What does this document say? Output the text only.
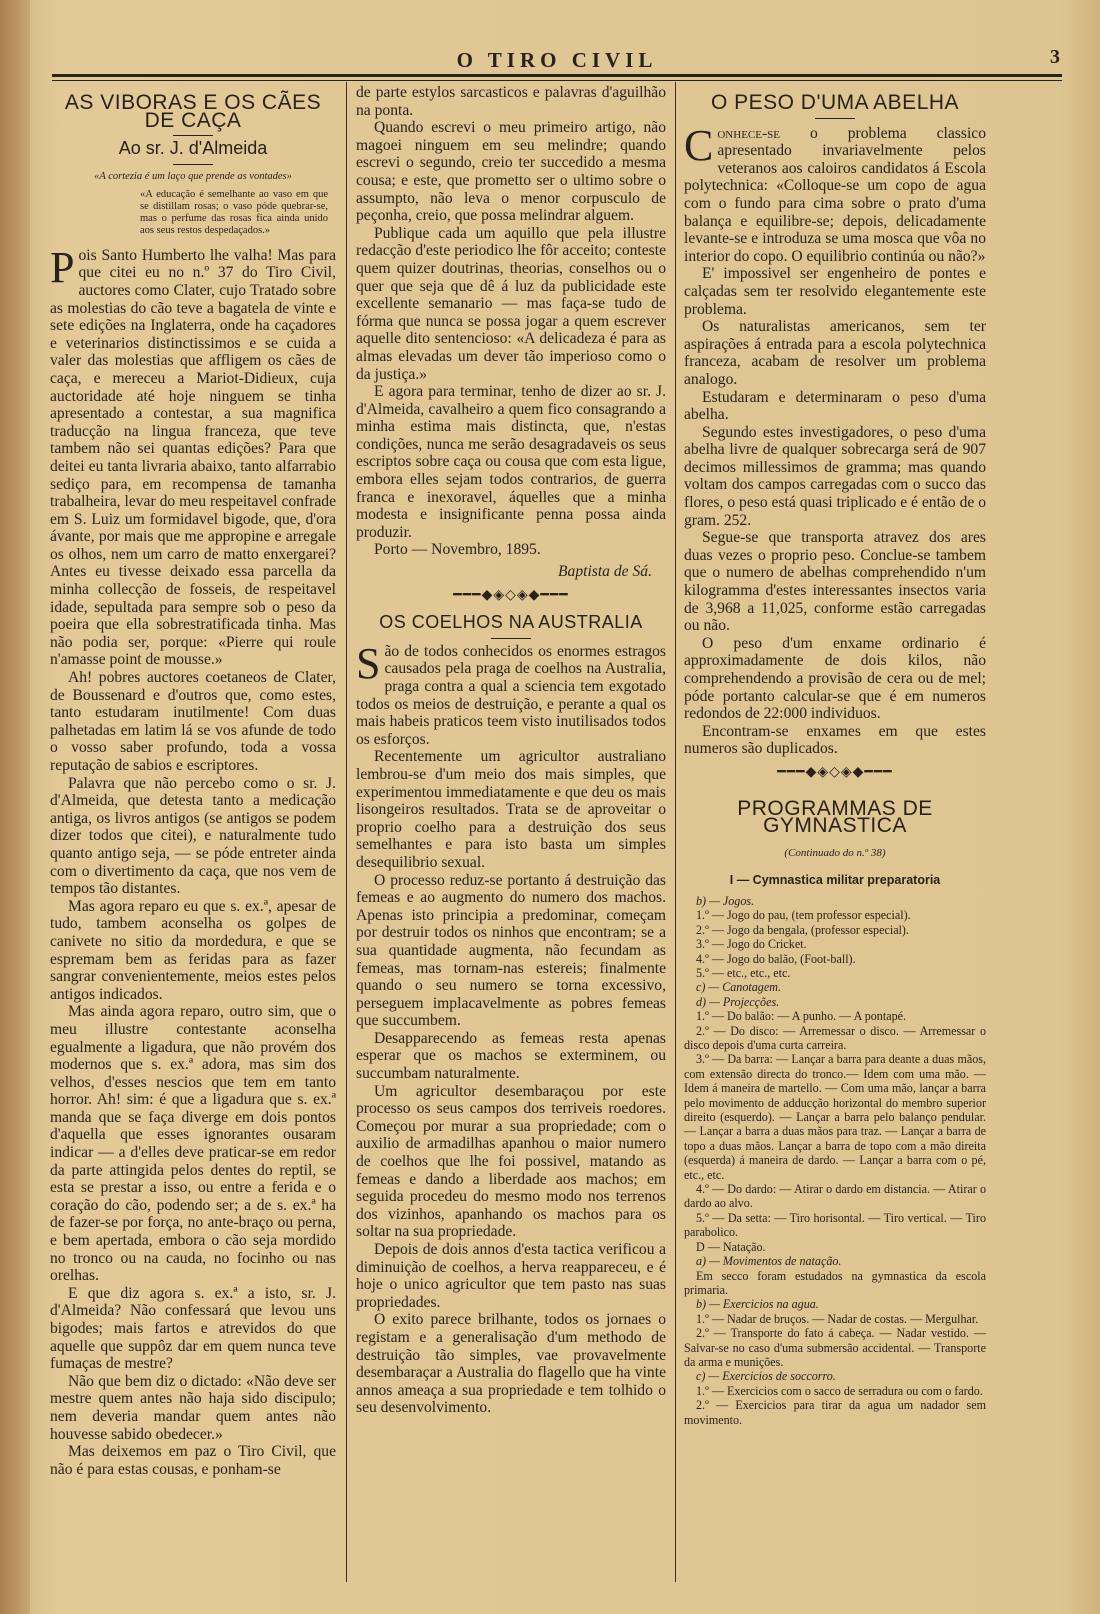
O TIRO CIVIL	3
AS VIBORAS E OS CÃES DE CAÇA
Ao sr. J. d'Almeida
«A cortezia é um laço que prende as vontades»
«A educação é semelhante ao vaso em que se distillam rosas; o vaso póde quebrar-se, mas o perfume das rosas fica ainda unido aos seus restos despedaçados.»

Pois Santo Humberto lhe valha! Mas para que citei eu no n.º 37 do Tiro Civil, auctores como Clater, cujo Tratado sobre as molestias do cão teve a bagatela de vinte e sete edições na Inglaterra, onde ha caçadores e veterinarios distinctissimos e se cuida a valer das molestias que affligem os cães de caça, e mereceu a Mariot-Didieux, cuja auctoridade até hoje ninguem se tinha apresentado a contestar, a sua magnifica traducção na lingua franceza, que teve tambem não sei quantas edições? Para que deitei eu tanta livraria abaixo, tanto alfarrabio sediço para, em recompensa de tamanha trabalheira, levar do meu respeitavel confrade em S. Luiz um formidavel bigode, que, d'ora ávante, por mais que me appropine e arregale os olhos, nem um carro de matto enxergarei? Antes eu tivesse deixado essa parcella da minha collecção de fosseis, de respeitavel idade, sepultada para sempre sob o peso da poeira que ella sobrestratificada tinha. Mas não podia ser, porque: «Pierre qui roule n'amasse point de mousse.»

Ah! pobres auctores coetaneos de Clater, de Boussenard e d'outros que, como estes, tanto estudaram inutilmente! Com duas palhetadas em latim lá se vos afunde de todo o vosso saber profundo, toda a vossa reputação de sabios e escriptores.

Palavra que não percebo como o sr. J. d'Almeida, que detesta tanto a medicação antiga, os livros antigos (se antigos se podem dizer todos que citei), e naturalmente tudo quanto antigo seja, — se póde entreter ainda com o divertimento da caça, que nos vem de tempos tão distantes.

Mas agora reparo eu que s. ex.ª, apesar de tudo, tambem aconselha os golpes de canivete no sitio da mordedura, e que se espremam bem as feridas para as fazer sangrar convenientemente, meios estes pelos antigos indicados.

Mas ainda agora reparo, outro sim, que o meu illustre contestante aconselha egualmente a ligadura, que não provém dos modernos que s. ex.ª adora, mas sim dos velhos, d'esses nescios que tem em tanto horror. Ah! sim: é que a ligadura que s. ex.ª manda que se faça diverge em dois pontos d'aquella que esses ignorantes ousaram indicar — a d'elles deve praticar-se em redor da parte attingida pelos dentes do reptil, se esta se prestar a isso, ou entre a ferida e o coração do cão, podendo ser; a de s. ex.ª ha de fazer-se por força, no ante-braço ou perna, e bem apertada, embora o cão seja mordido no tronco ou na cauda, no focinho ou nas orelhas.

E que diz agora s. ex.ª a isto, sr. J. d'Almeida? Não confessará que levou uns bigodes; mais fartos e atrevidos do que aquelle que suppôz dar em quem nunca teve fumaças de mestre?

Não que bem diz o dictado: «Não deve ser mestre quem antes não haja sido discipulo; nem deveria mandar quem antes não houvesse sabido obedecer.»

Mas deixemos em paz o Tiro Civil, que não é para estas cousas, e ponham-se

de parte estylos sarcasticos e palavras d'aguilhão na ponta.

Quando escrevi o meu primeiro artigo, não magoei ninguem em seu melindre; quando escrevi o segundo, creio ter succedido a mesma cousa; e este, que prometto ser o ultimo sobre o assumpto, não leva o menor corpusculo de peçonha, creio, que possa melindrar alguem.

Publique cada um aquillo que pela illustre redacção d'este periodico lhe fôr acceito; conteste quem quizer doutrinas, theorias, conselhos ou o quer que seja que dê á luz da publicidade este excellente semanario — mas faça-se tudo de fórma que nunca se possa jogar a quem escrever aquelle dito sentencioso: «A delicadeza é para as almas elevadas um dever tão imperioso como o da justiça.»

E agora para terminar, tenho de dizer ao sr. J. d'Almeida, cavalheiro a quem fico consagrando a minha estima mais distincta, que, n'estas condições, nunca me serão desagradaveis os seus escriptos sobre caça ou cousa que com esta ligue, embora elles sejam todos contrarios, de guerra franca e inexoravel, áquelles que a minha modesta e insignificante penna possa ainda produzir.

Porto — Novembro, 1895.

Baptista de Sá.
━━━◆◈◇◈◆━━━
OS COELHOS NA AUSTRALIA

São de todos conhecidos os enormes estragos causados pela praga de coelhos na Australia, praga contra a qual a sciencia tem exgotado todos os meios de destruição, e perante a qual os mais habeis praticos teem visto inutilisados todos os esforços.

Recentemente um agricultor australiano lembrou-se d'um meio dos mais simples, que experimentou immediatamente e que deu os mais lisongeiros resultados. Trata se de aproveitar o proprio coelho para a destruição dos seus semelhantes e para isto basta um simples desequilibrio sexual.

O processo reduz-se portanto á destruição das femeas e ao augmento do numero dos machos. Apenas isto principia a predominar, começam por destruir todos os ninhos que encontram; se a sua quantidade augmenta, não fecundam as femeas, mas tornam-nas estereis; finalmente quando o seu numero se torna excessivo, perseguem implacavelmente as pobres femeas que succumbem.

Desapparecendo as femeas resta apenas esperar que os machos se exterminem, ou succumbam naturalmente.

Um agricultor desembaraçou por este processo os seus campos dos terriveis roedores. Começou por murar a sua propriedade; com o auxilio de armadilhas apanhou o maior numero de coelhos que lhe foi possivel, matando as femeas e dando a liberdade aos machos; em seguida procedeu do mesmo modo nos terrenos dos vizinhos, apanhando os machos para os soltar na sua propriedade.

Depois de dois annos d'esta tactica verificou a diminuição de coelhos, a herva reappareceu, e é hoje o unico agricultor que tem pasto nas suas propriedades.

O exito parece brilhante, todos os jornaes o registam e a generalisação d'um methodo de destruição tão simples, vae provavelmente desembaraçar a Australia do flagello que ha vinte annos ameaça a sua propriedade e tem tolhido o seu desenvolvimento.

O PESO D'UMA ABELHA

Conhece-se o problema classico apresentado invariavelmente pelos veteranos aos caloiros candidatos á Escola polytechnica: «Colloque-se um copo de agua com o fundo para cima sobre o prato d'uma balança e equilibre-se; depois, delicadamente levante-se e introduza se uma mosca que vôa no interior do copo. O equilibrio continúa ou não?»

E' impossivel ser engenheiro de pontes e calçadas sem ter resolvido elegantemente este problema.

Os naturalistas americanos, sem ter aspirações á entrada para a escola polytechnica franceza, acabam de resolver um problema analogo.

Estudaram e determinaram o peso d'uma abelha.

Segundo estes investigadores, o peso d'uma abelha livre de qualquer sobrecarga será de 907 decimos millessimos de gramma; mas quando voltam dos campos carregadas com o succo das flores, o peso está quasi triplicado e é então de o gram. 252.

Segue-se que transporta atravez dos ares duas vezes o proprio peso. Conclue-se tambem que o numero de abelhas comprehendido n'um kilogramma d'estes interessantes insectos varia de 3,968 a 11,025, conforme estão carregadas ou não.

O peso d'um enxame ordinario é approximadamente de dois kilos, não comprehendendo a provisão de cera ou de mel; póde portanto calcular-se que é em numeros redondos de 22:000 individuos.

Encontram-se enxames em que estes numeros são duplicados.

━━━◆◈◇◈◆━━━
PROGRAMMAS DE GYMNASTICA
(Continuado do n.º 38)
I — Cymnastica militar preparatoria

b) — Jogos.

1.º — Jogo do pau, (tem professor especial).

2.º — Jogo da bengala, (professor especial).

3.º — Jogo do Cricket.

4.º — Jogo do balão, (Foot-ball).

5.º — etc., etc., etc.

c) — Canotagem.

d) — Projecções.

1.º — Do balão: — A punho. — A pontapé.

2.º — Do disco: — Arremessar o disco. — Arremessar o disco depois d'uma curta carreira.

3.º — Da barra: — Lançar a barra para deante a duas mãos, com extensão directa do tronco.— Idem com uma mão. — Idem á maneira de martello. — Com uma mão, lançar a barra pelo movimento de adducção horizontal do membro superior direito (esquerdo). — Lançar a barra pelo balanço pendular. — Lançar a barra a duas mãos para traz. — Lançar a barra de topo a duas mãos. Lançar a barra de topo com a mão direita (esquerda) á maneira de dardo. — Lançar a barra com o pé, etc., etc.

4.º — Do dardo: — Atirar o dardo em distancia. — Atirar o dardo ao alvo.

5.º — Da setta: — Tiro horisontal. — Tiro vertical. — Tiro parabolico.

D — Natação.

a) — Movimentos de natação.

Em secco foram estudados na gymnastica da escola primaria.

b) — Exercicios na agua.

1.º — Nadar de bruços. — Nadar de costas. — Mergulhar.

2.º — Transporte do fato á cabeça. — Nadar vestido. — Salvar-se no caso d'uma submersão accidental. — Transporte da arma e munições.

c) — Exercicios de soccorro.

1.º — Exercicios com o sacco de serradura ou com o fardo.

2.º — Exercicios para tirar da agua um nadador sem movimento.
